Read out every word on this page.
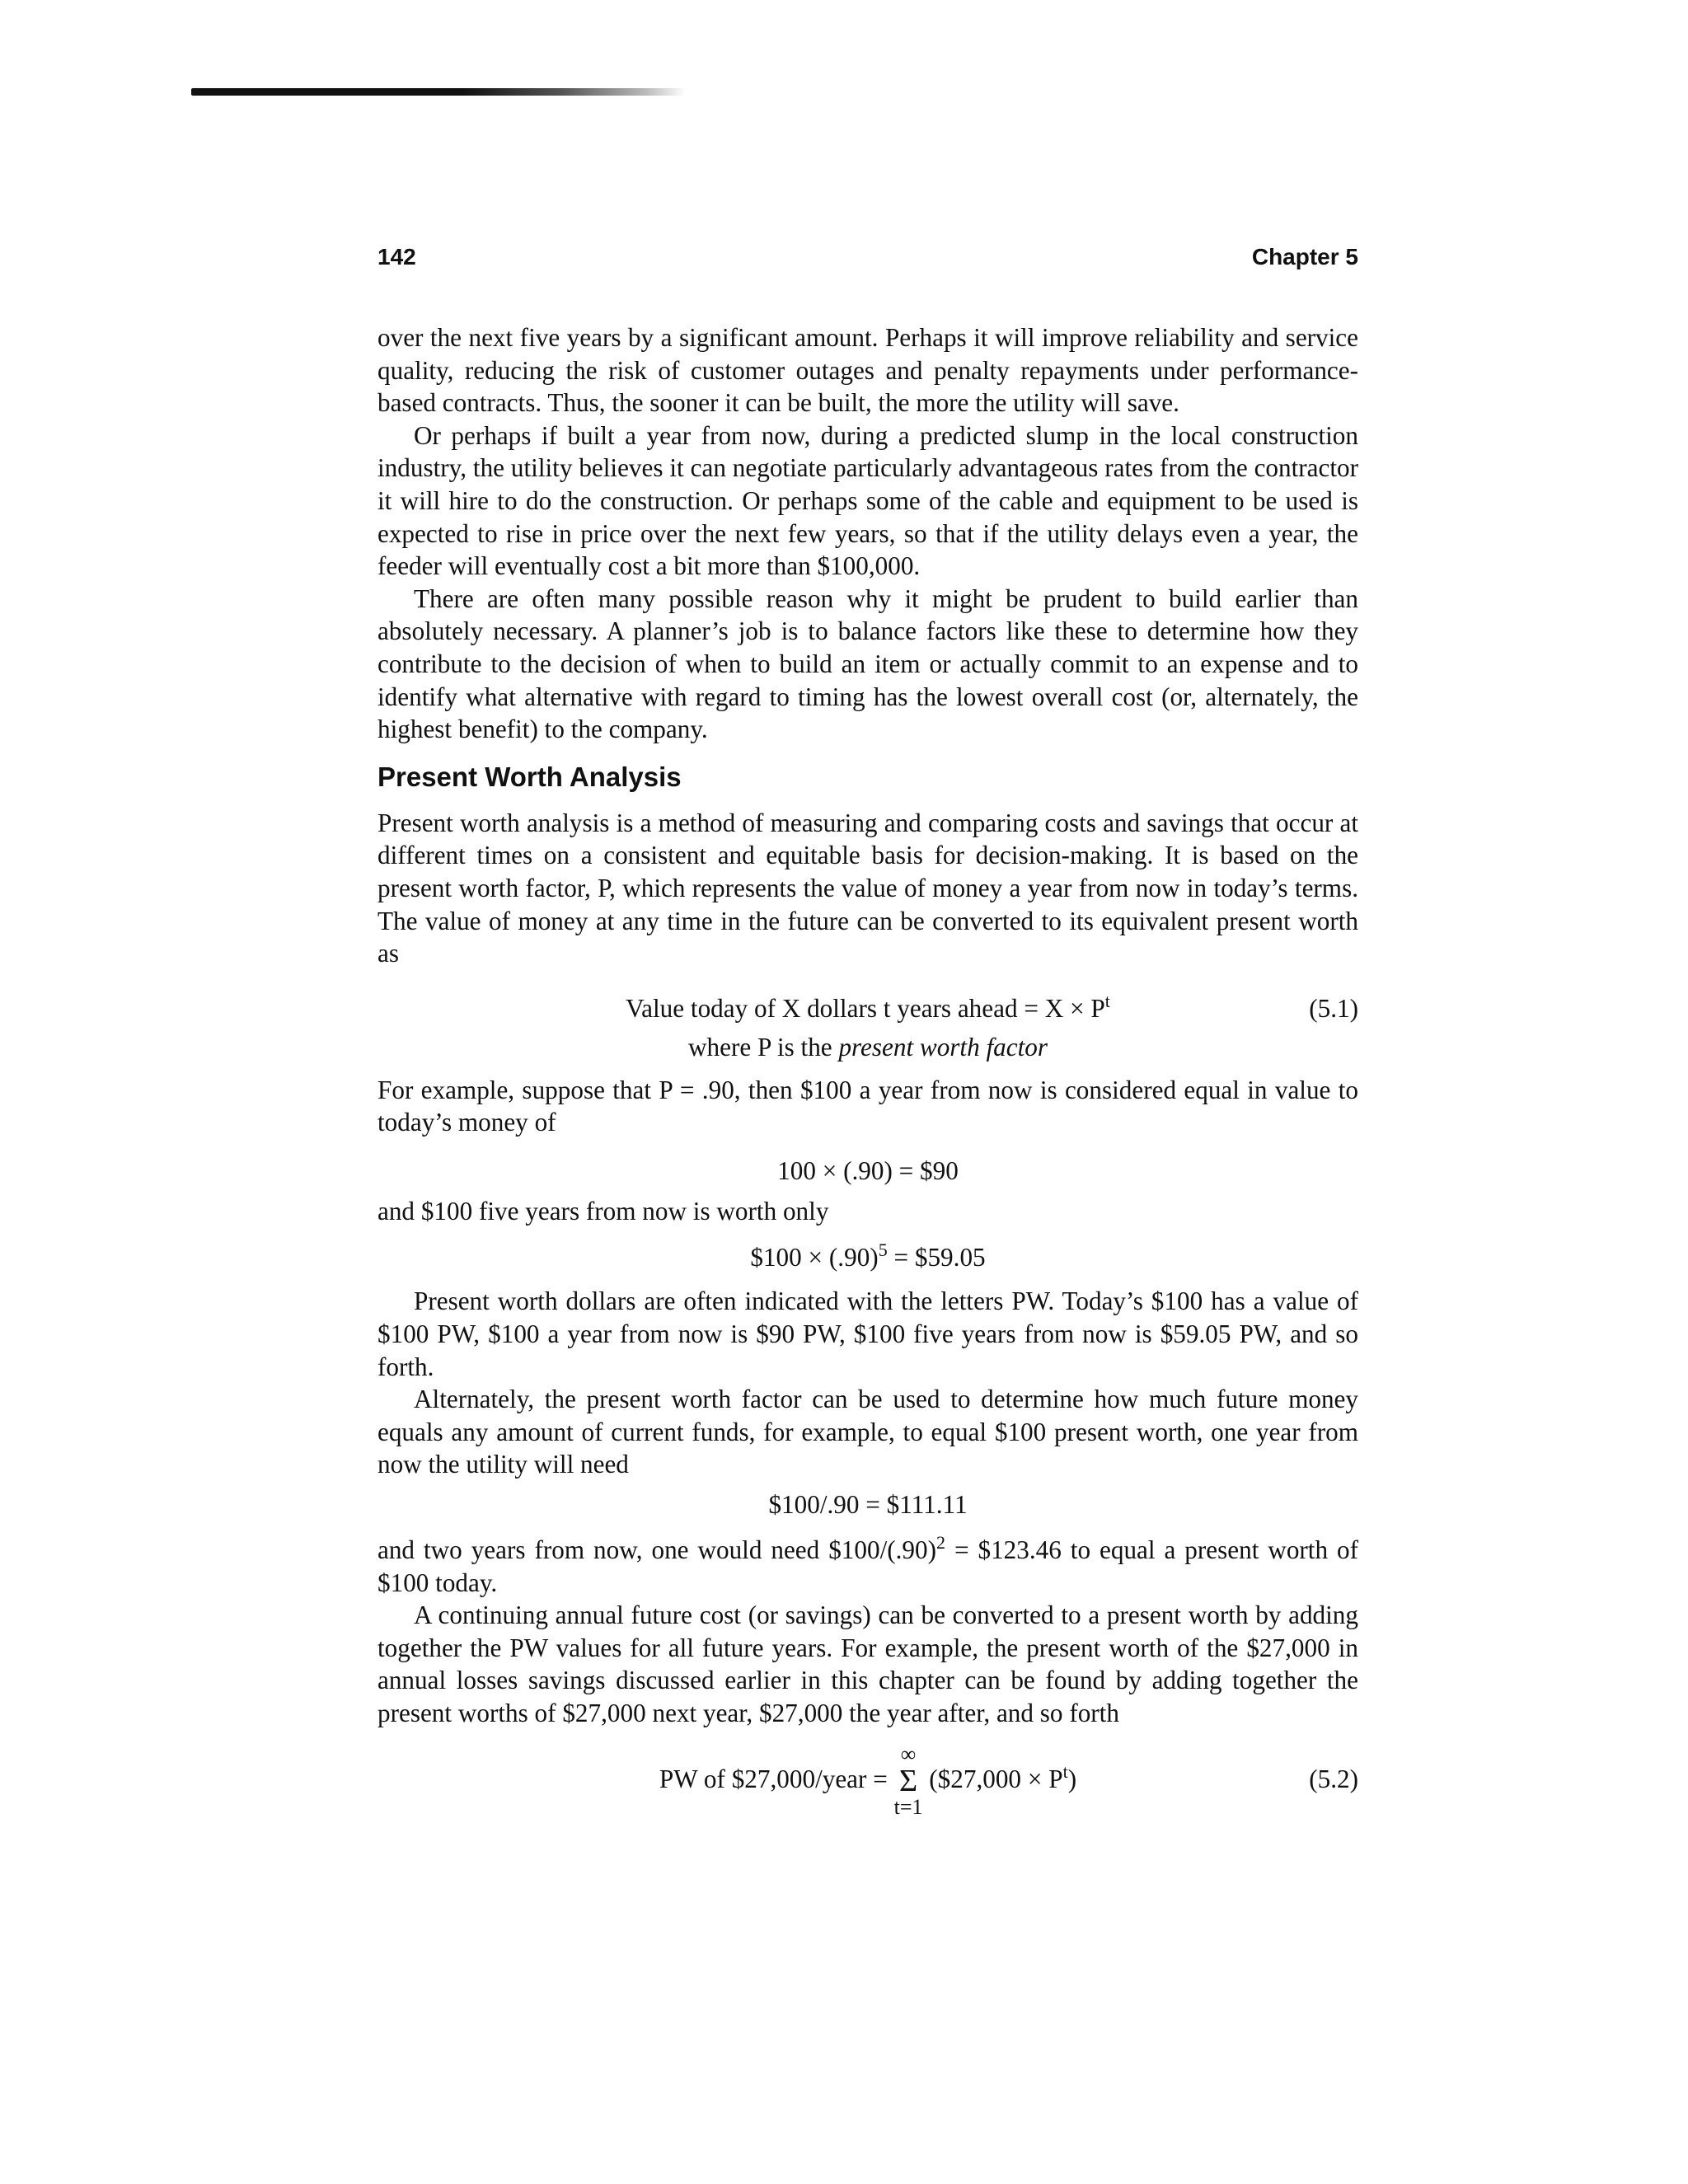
142	Chapter 5

over the next five years by a significant amount. Perhaps it will improve reliability and service quality, reducing the risk of customer outages and penalty repayments under performance-based contracts. Thus, the sooner it can be built, the more the utility will save.

Or perhaps if built a year from now, during a predicted slump in the local construction industry, the utility believes it can negotiate particularly advantageous rates from the contractor it will hire to do the construction. Or perhaps some of the cable and equipment to be used is expected to rise in price over the next few years, so that if the utility delays even a year, the feeder will eventually cost a bit more than $100,000.

There are often many possible reason why it might be prudent to build earlier than absolutely necessary. A planner’s job is to balance factors like these to determine how they contribute to the decision of when to build an item or actually commit to an expense and to identify what alternative with regard to timing has the lowest overall cost (or, alternately, the highest benefit) to the company.

Present Worth Analysis

Present worth analysis is a method of measuring and comparing costs and savings that occur at different times on a consistent and equitable basis for decision-making. It is based on the present worth factor, P, which represents the value of money a year from now in today’s terms. The value of money at any time in the future can be converted to its equivalent present worth as

Value today of X dollars t years ahead = $X \times P^t$	(5.1)
where P is the present worth factor

For example, suppose that P = .90, then $100 a year from now is considered equal in value to today’s money of

100 × (.90) = $90

and $100 five years from now is worth only

$100 × $(.90)^5$ = $59.05

Present worth dollars are often indicated with the letters PW. Today’s $100 has a value of $100 PW, $100 a year from now is $90 PW, $100 five years from now is $59.05 PW, and so forth.

Alternately, the present worth factor can be used to determine how much future money equals any amount of current funds, for example, to equal $100 present worth, one year from now the utility will need

$100/.90 = $111.11

and two years from now, one would need $\$100/(.90)^2$ = $123.46 to equal a present worth of $100 today.

A continuing annual future cost (or savings) can be converted to a present worth by adding together the PW values for all future years. For example, the present worth of the $27,000 in annual losses savings discussed earlier in this chapter can be found by adding together the present worths of $27,000 next year, $27,000 the year after, and so forth

PW of $27,000/year =
∞
Σ
t=1
($27,000 × $P^t$)	(5.2)
